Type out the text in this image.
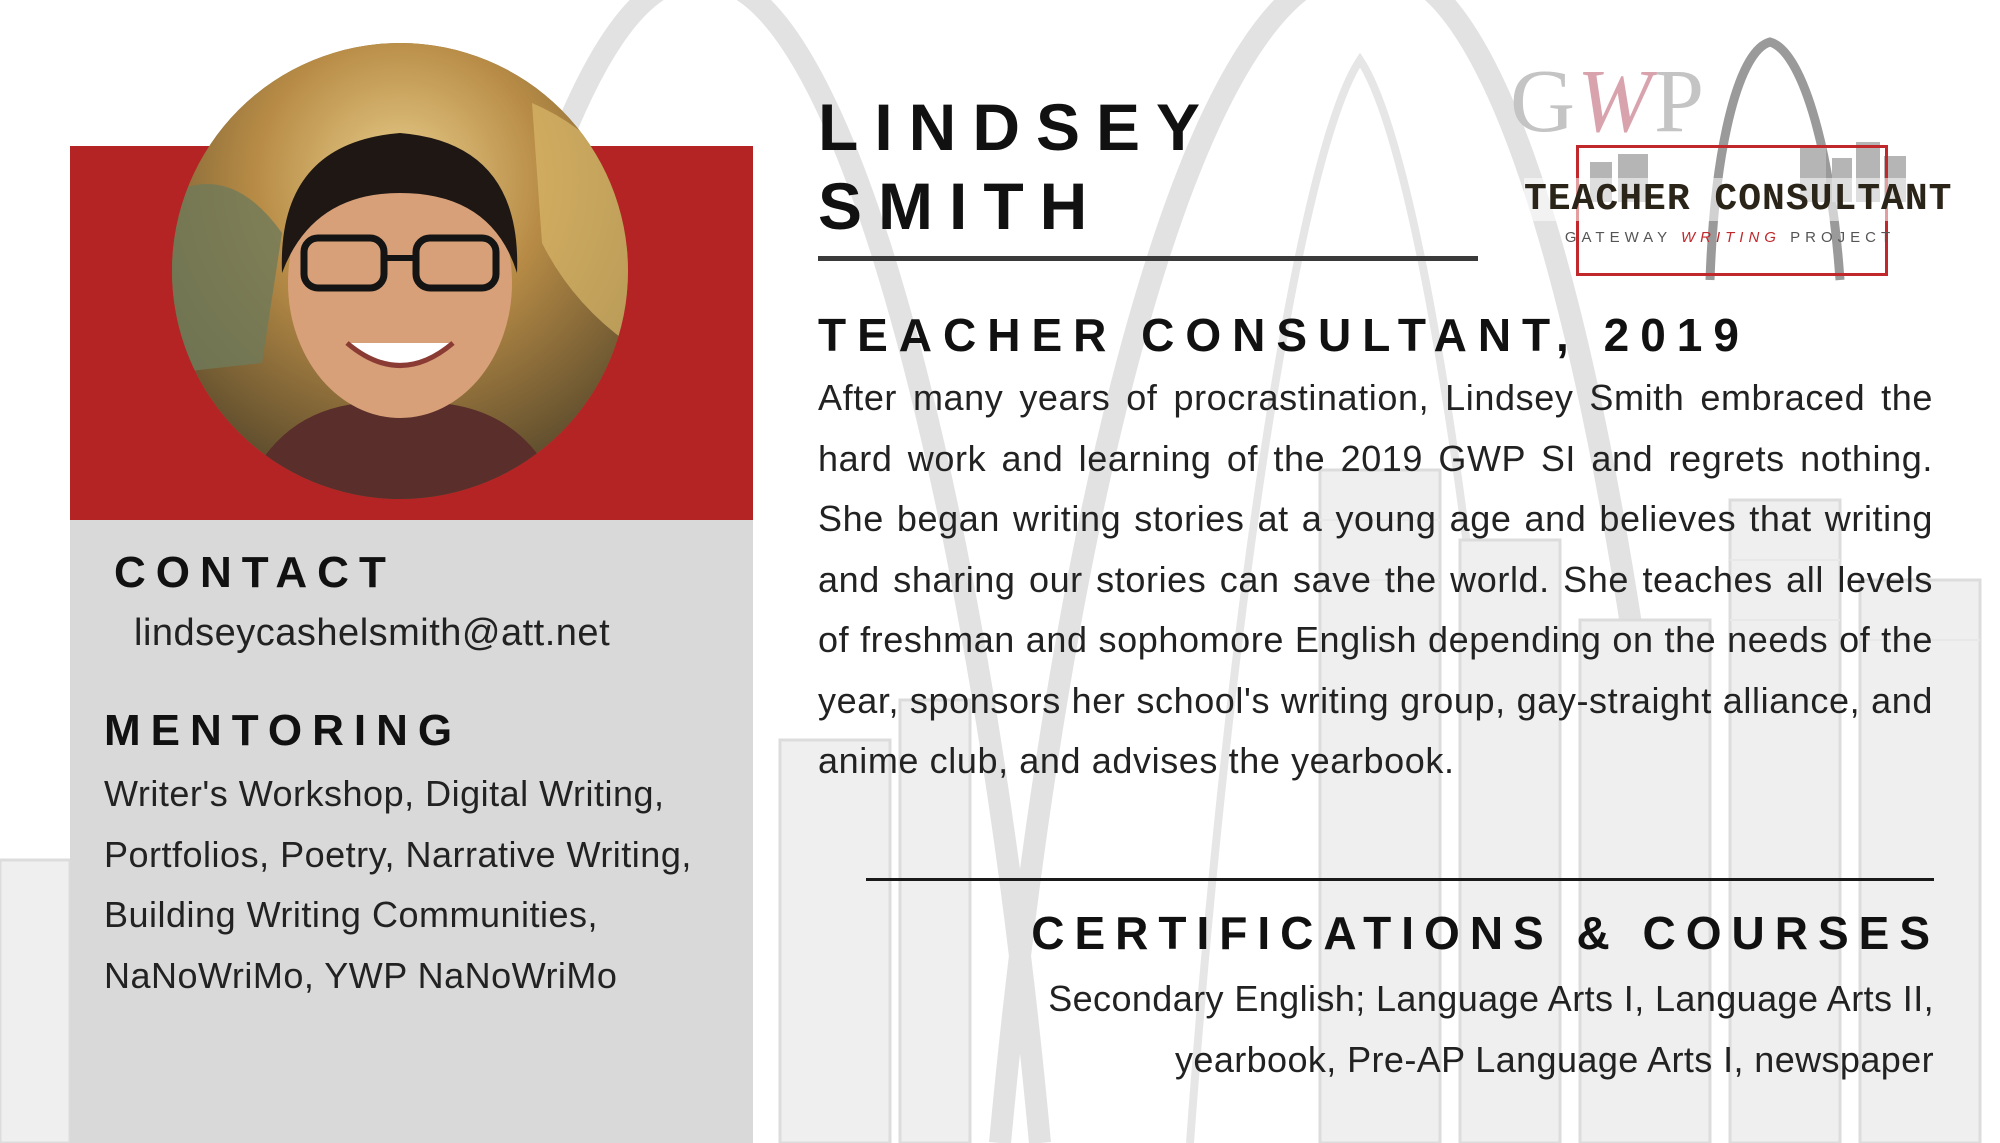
CONTACT
lindseycashelsmith@att.net
MENTORING
Writer's Workshop, Digital Writing, Portfolios, Poetry, Narrative Writing, Building Writing Communities, NaNoWriMo, YWP NaNoWriMo
LINDSEY
SMITH
TEACHER CONSULTANT, 2019
After many years of procrastination, Lindsey Smith embraced the hard work and learning of the 2019 GWP SI and regrets nothing. She began writing stories at a young age and believes that writing and sharing our stories can save the world. She teaches all levels of freshman and sophomore English depending on the needs of the year, sponsors her school's writing group, gay-straight alliance, and anime club, and advises the yearbook.
CERTIFICATIONS & COURSES
Secondary English; Language Arts I, Language Arts II,
yearbook, Pre-AP Language Arts I, newspaper
GWP
TEACHER CONSULTANT
GATEWAY WRITING PROJECT
